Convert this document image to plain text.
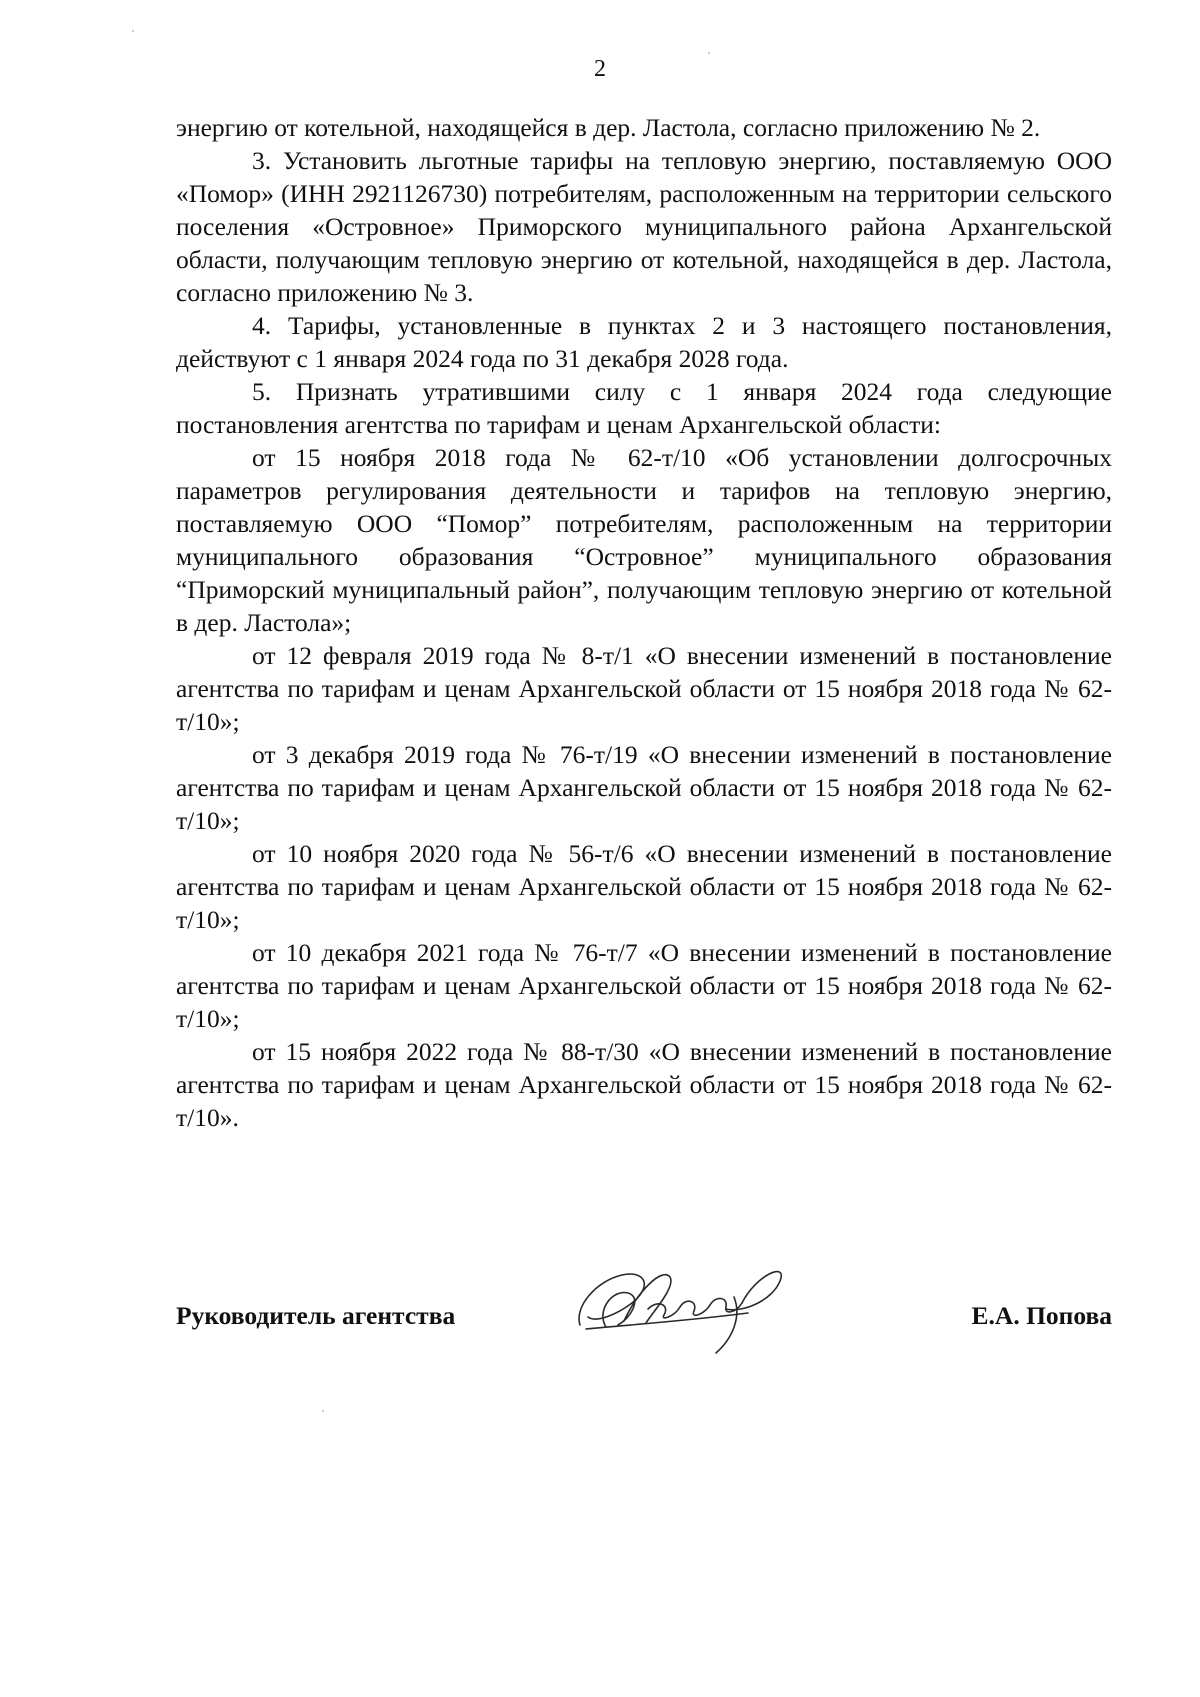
2

энергию от котельной, находящейся в дер. Ластола, согласно приложению № 2.

3. Установить льготные тарифы на тепловую энергию, поставляемую ООО «Помор» (ИНН 2921126730) потребителям, расположенным на территории сельского поселения «Островное» Приморского муниципального района Архангельской области, получающим тепловую энергию от котельной, находящейся в дер. Ластола, согласно приложению № 3.

4. Тарифы, установленные в пунктах 2 и 3 настоящего постановления, действуют с 1 января 2024 года по 31 декабря 2028 года.

5. Признать утратившими силу с 1 января 2024 года следующие постановления агентства по тарифам и ценам Архангельской области:

от 15 ноября 2018 года № 62-т/10 «Об установлении долгосрочных параметров регулирования деятельности и тарифов на тепловую энергию, поставляемую ООО “Помор” потребителям, расположенным на территории муниципального образования “Островное” муниципального образования “Приморский муниципальный район”, получающим тепловую энергию от котельной в дер. Ластола»;

от 12 февраля 2019 года № 8-т/1 «О внесении изменений в постановление агентства по тарифам и ценам Архангельской области от 15 ноября 2018 года № 62-т/10»;

от 3 декабря 2019 года № 76-т/19 «О внесении изменений в постановление агентства по тарифам и ценам Архангельской области от 15 ноября 2018 года № 62-т/10»;

от 10 ноября 2020 года № 56-т/6 «О внесении изменений в постановление агентства по тарифам и ценам Архангельской области от 15 ноября 2018 года № 62-т/10»;

от 10 декабря 2021 года № 76-т/7 «О внесении изменений в постановление агентства по тарифам и ценам Архангельской области от 15 ноября 2018 года № 62-т/10»;

от 15 ноября 2022 года № 88-т/30 «О внесении изменений в постановление агентства по тарифам и ценам Архангельской области от 15 ноября 2018 года № 62-т/10».

Руководитель агентства	Е.А. Попова
